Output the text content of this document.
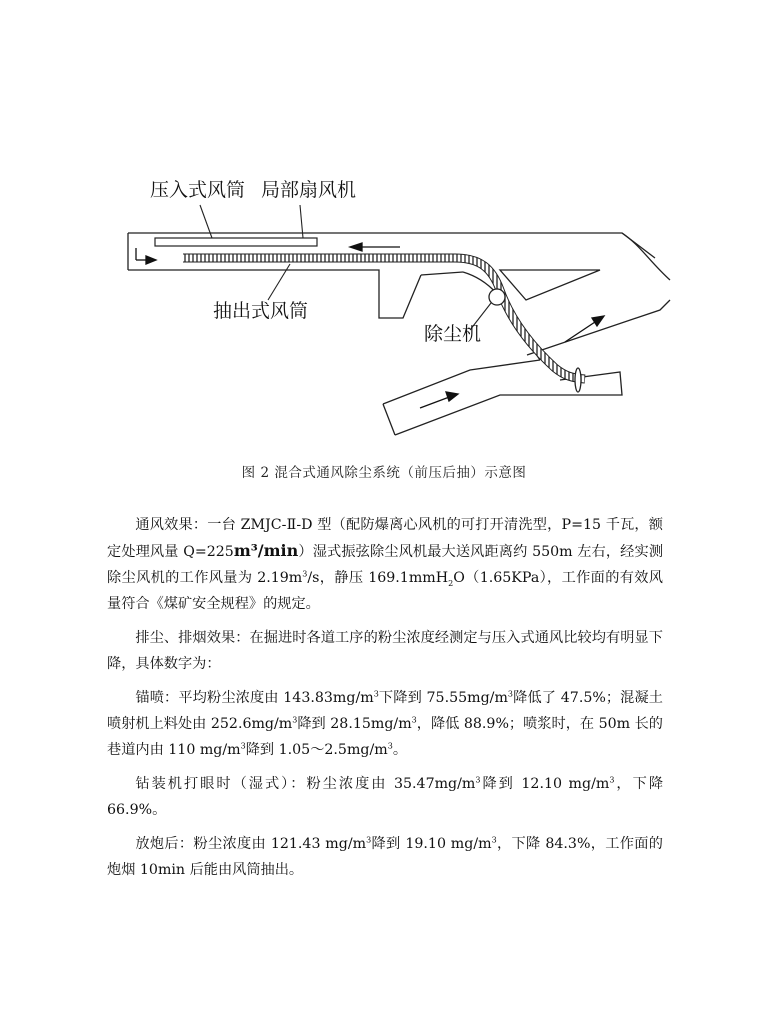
压入式风筒 局部扇风机
抽出式风筒
除尘机
图 2 混合式通风除尘系统（前压后抽）示意图

通风效果：一台 ZMJC-Ⅱ-D 型（配防爆离心风机的可打开清洗型，P=15 千瓦，额定处理风量 Q=225m³/min）湿式振弦除尘风机最大送风距离约 550m 左右，经实测除尘风机的工作风量为 $2.19m^3/s$，静压 169.1mmH$_2$O（1.65KPa），工作面的有效风量符合《煤矿安全规程》的规定。

排尘、排烟效果：在掘进时各道工序的粉尘浓度经测定与压入式通风比较均有明显下降，具体数字为：

锚喷：平均粉尘浓度由 $143.83mg/m^3$下降到 $75.55mg/m^3$降低了 47.5%；混凝土喷射机上料处由 $252.6mg/m^3$降到 $28.15mg/m^3$，降低 88.9%；喷浆时，在 50m 长的巷道内由 110 $mg/m^3$降到 $1.05\sim 2.5mg/m^3$。

钻装机打眼时（湿式）：粉尘浓度由 $35.47mg/m^3$降到 12.10 $mg/m^3$，下降 66.9%。

放炮后：粉尘浓度由 121.43 $mg/m^3$降到 19.10 $mg/m^3$，下降 84.3%，工作面的炮烟 10min 后能由风筒抽出。
